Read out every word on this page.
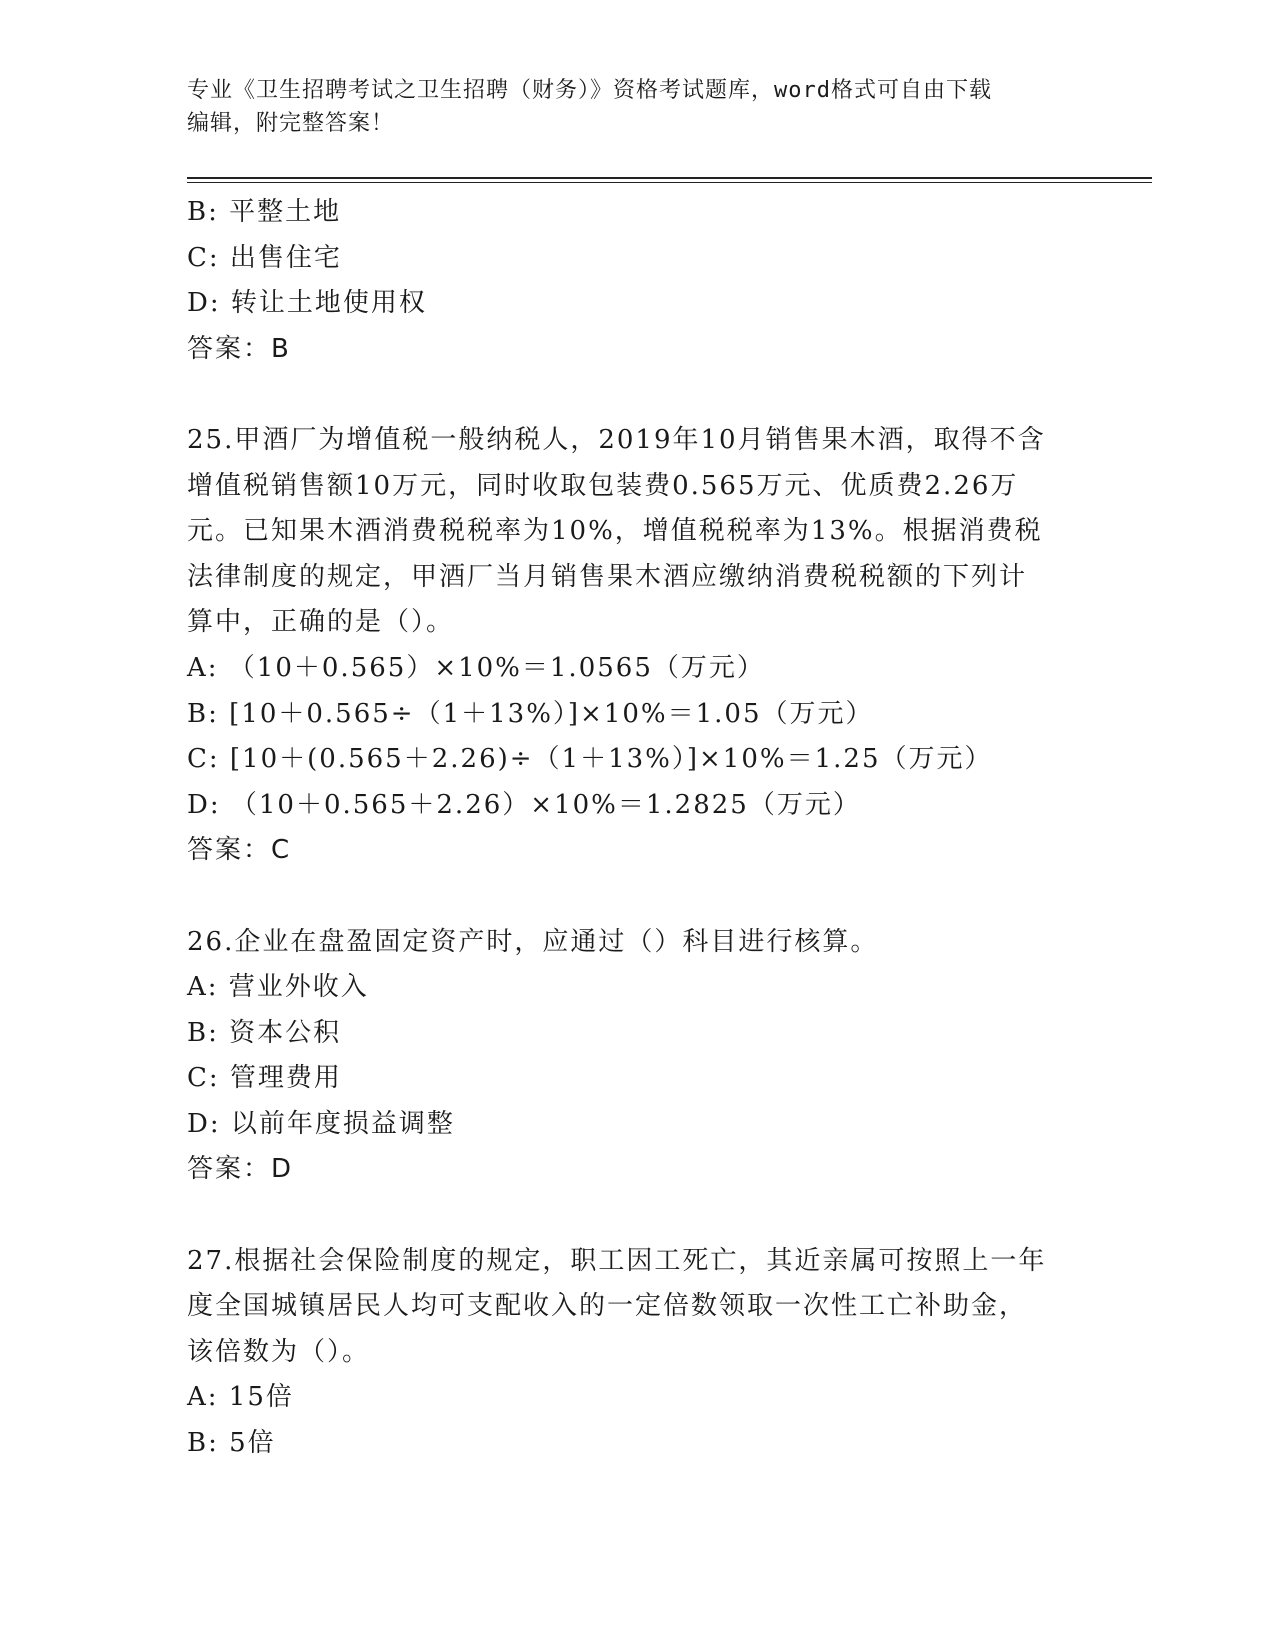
专业《卫生招聘考试之卫生招聘（财务）》资格考试题库，word格式可自由下载
编辑，附完整答案！
B: 平整土地
C: 出售住宅
D: 转让土地使用权
答案：B
25.甲酒厂为增值税一般纳税人，2019年10月销售果木酒，取得不含
增值税销售额10万元，同时收取包装费0.565万元、优质费2.26万
元。已知果木酒消费税税率为10%，增值税税率为13%。根据消费税
法律制度的规定，甲酒厂当月销售果木酒应缴纳消费税税额的下列计
算中，正确的是（）。
A: （10＋0.565）×10%＝1.0565（万元）
B: [10＋0.565÷（1＋13%）]×10%＝1.05（万元）
C: [10＋(0.565＋2.26)÷（1＋13%）]×10%＝1.25（万元）
D: （10＋0.565＋2.26）×10%＝1.2825（万元）
答案：C
26.企业在盘盈固定资产时，应通过（）科目进行核算。
A: 营业外收入
B: 资本公积
C: 管理费用
D: 以前年度损益调整
答案：D
27.根据社会保险制度的规定，职工因工死亡，其近亲属可按照上一年
度全国城镇居民人均可支配收入的一定倍数领取一次性工亡补助金，
该倍数为（）。
A: 15倍
B: 5倍
